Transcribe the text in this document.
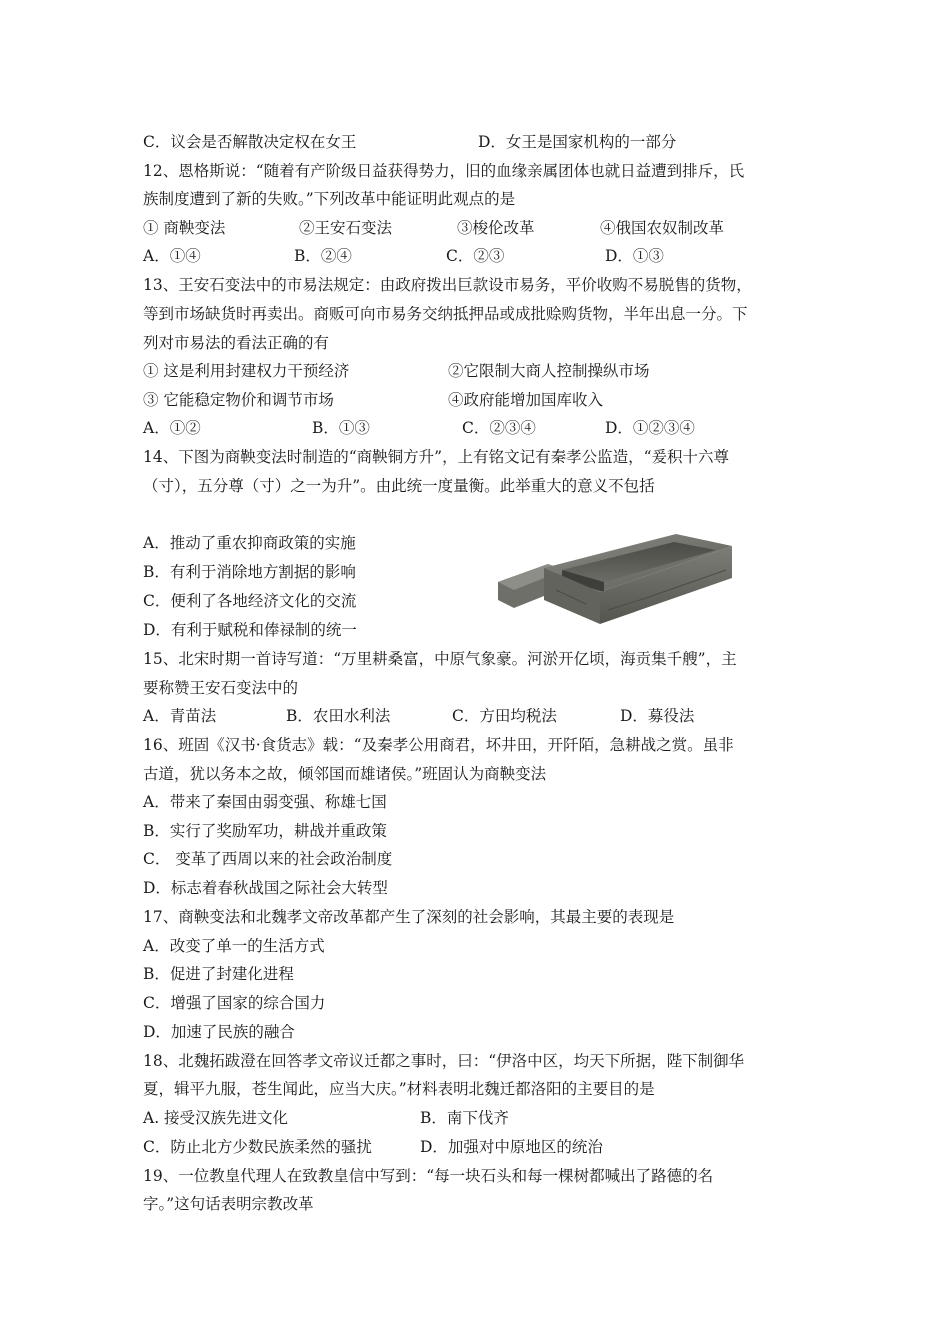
C．议会是否解散决定权在女王	D．女王是国家机构的一部分
12、恩格斯说：“随着有产阶级日益获得势力，旧的血缘亲属团体也就日益遭到排斥，氏
族制度遭到了新的失败。”下列改革中能证明此观点的是
① 商鞅变法	②王安石变法	③梭伦改革	④俄国农奴制改革
A．①④	B．②④	C．②③	D．①③
13、王安石变法中的市易法规定：由政府拨出巨款设市易务，平价收购不易脱售的货物，
等到市场缺货时再卖出。商贩可向市易务交纳抵押品或成批赊购货物，半年出息一分。下
列对市易法的看法正确的有
① 这是利用封建权力干预经济	②它限制大商人控制操纵市场
③ 它能稳定物价和调节市场	④政府能增加国库收入
A．①②	B．①③	C．②③④	D．①②③④
14、下图为商鞅变法时制造的“商鞅铜方升”，上有铭文记有秦孝公监造，“爰积十六尊
（寸），五分尊（寸）之一为升”。由此统一度量衡。此举重大的意义不包括
A．推动了重农抑商政策的实施
B．有利于消除地方割据的影响
C．便利了各地经济文化的交流
D．有利于赋税和俸禄制的统一
15、北宋时期一首诗写道：“万里耕桑富，中原气象豪。河淤开亿顷，海贡集千艘”，主
要称赞王安石变法中的
A．青苗法	B．农田水利法	C．方田均税法	D．募役法
16、班固《汉书·食货志》载：“及秦孝公用商君，坏井田，开阡陌，急耕战之赏。虽非
古道，犹以务本之故，倾邻国而雄诸侯。”班固认为商鞅变法
A．带来了秦国由弱变强、称雄七国
B．实行了奖励军功，耕战并重政策
C． 变革了西周以来的社会政治制度
D．标志着春秋战国之际社会大转型
17、商鞅变法和北魏孝文帝改革都产生了深刻的社会影响，其最主要的表现是
A．改变了单一的生活方式
B．促进了封建化进程
C．增强了国家的综合国力
D．加速了民族的融合
18、北魏拓跋澄在回答孝文帝议迁都之事时，曰：“伊洛中区，均天下所据，陛下制御华
夏，辑平九服，苍生闻此，应当大庆。”材料表明北魏迁都洛阳的主要目的是
A. 接受汉族先进文化	B．南下伐齐
C．防止北方少数民族柔然的骚扰	D．加强对中原地区的统治
19、一位教皇代理人在致教皇信中写到：“每一块石头和每一棵树都喊出了路德的名
字。”这句话表明宗教改革
